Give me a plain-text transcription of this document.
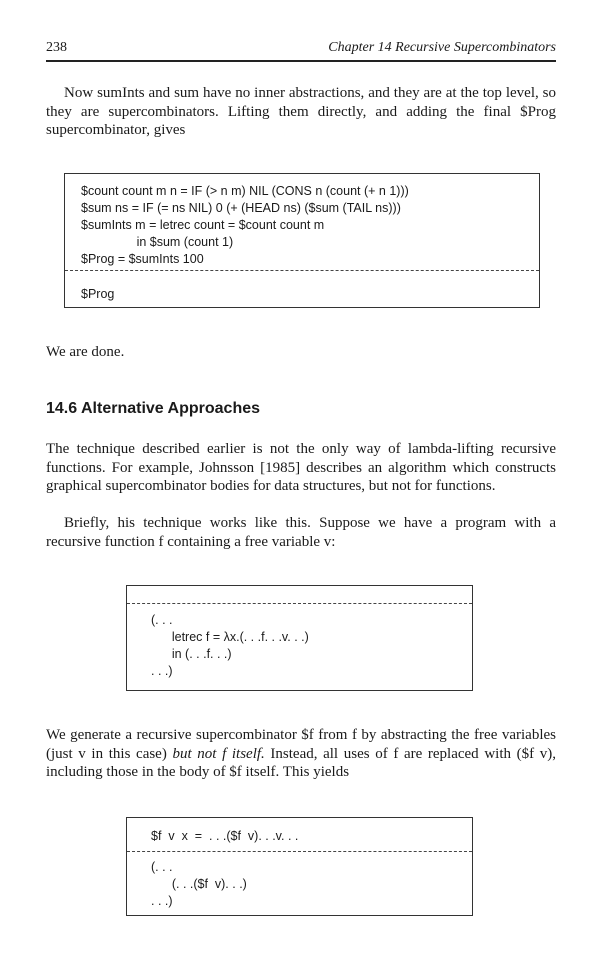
238	Chapter 14 Recursive Supercombinators

Now sumInts and sum have no inner abstractions, and they are at the top level, so they are supercombinators. Lifting them directly, and adding the final $Prog supercombinator, gives

$count count m n = IF (> n m) NIL (CONS n (count (+ n 1)))
$sum ns = IF (= ns NIL) 0 (+ (HEAD ns) ($sum (TAIL ns)))
$sumInts m = letrec count = $count count m
in $sum (count 1)
$Prog = $sumInts 100
$Prog

We are done.

14.6 Alternative Approaches

The technique described earlier is not the only way of lambda-lifting recursive functions. For example, Johnsson [1985] describes an algorithm which constructs graphical supercombinator bodies for data structures, but not for functions.

Briefly, his technique works like this. Suppose we have a program with a recursive function f containing a free variable v:

(. . .
letrec f = λx.(. . .f. . .v. . .)
in (. . .f. . .)
. . .)

We generate a recursive supercombinator $f from f by abstracting the free variables (just v in this case) but not f itself. Instead, all uses of f are replaced with ($f v), including those in the body of $f itself. This yields

$f  v  x  =  . . .($f  v). . .v. . .
(. . .
(. . .($f  v). . .)
. . .)
